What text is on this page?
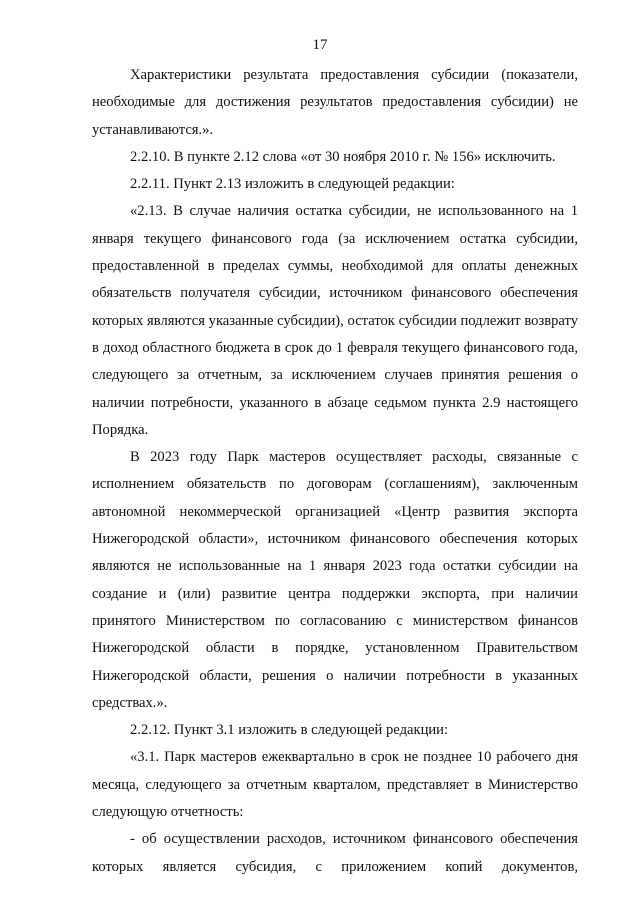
17

Характеристики результата предоставления субсидии (показатели, необходимые для достижения результатов предоставления субсидии) не устанавливаются.».

2.2.10. В пункте 2.12 слова «от 30 ноября 2010 г. № 156» исключить.

2.2.11. Пункт 2.13 изложить в следующей редакции:

«2.13. В случае наличия остатка субсидии, не использованного на 1 января текущего финансового года (за исключением остатка субсидии, предоставленной в пределах суммы, необходимой для оплаты денежных обязательств получателя субсидии, источником финансового обеспечения которых являются указанные субсидии), остаток субсидии подлежит возврату в доход областного бюджета в срок до 1 февраля текущего финансового года, следующего за отчетным, за исключением случаев принятия решения о наличии потребности, указанного в абзаце седьмом пункта 2.9 настоящего Порядка.

В 2023 году Парк мастеров осуществляет расходы, связанные с исполнением обязательств по договорам (соглашениям), заключенным автономной некоммерческой организацией «Центр развития экспорта Нижегородской области», источником финансового обеспечения которых являются не использованные на 1 января 2023 года остатки субсидии на создание и (или) развитие центра поддержки экспорта, при наличии принятого Министерством по согласованию с министерством финансов Нижегородской области в порядке, установленном Правительством Нижегородской области, решения о наличии потребности в указанных средствах.».

2.2.12. Пункт 3.1 изложить в следующей редакции:

«3.1. Парк мастеров ежеквартально в срок не позднее 10 рабочего дня месяца, следующего за отчетным кварталом, представляет в Министерство следующую отчетность:

- об осуществлении расходов, источником финансового обеспечения которых является субсидия, с приложением копий документов,
